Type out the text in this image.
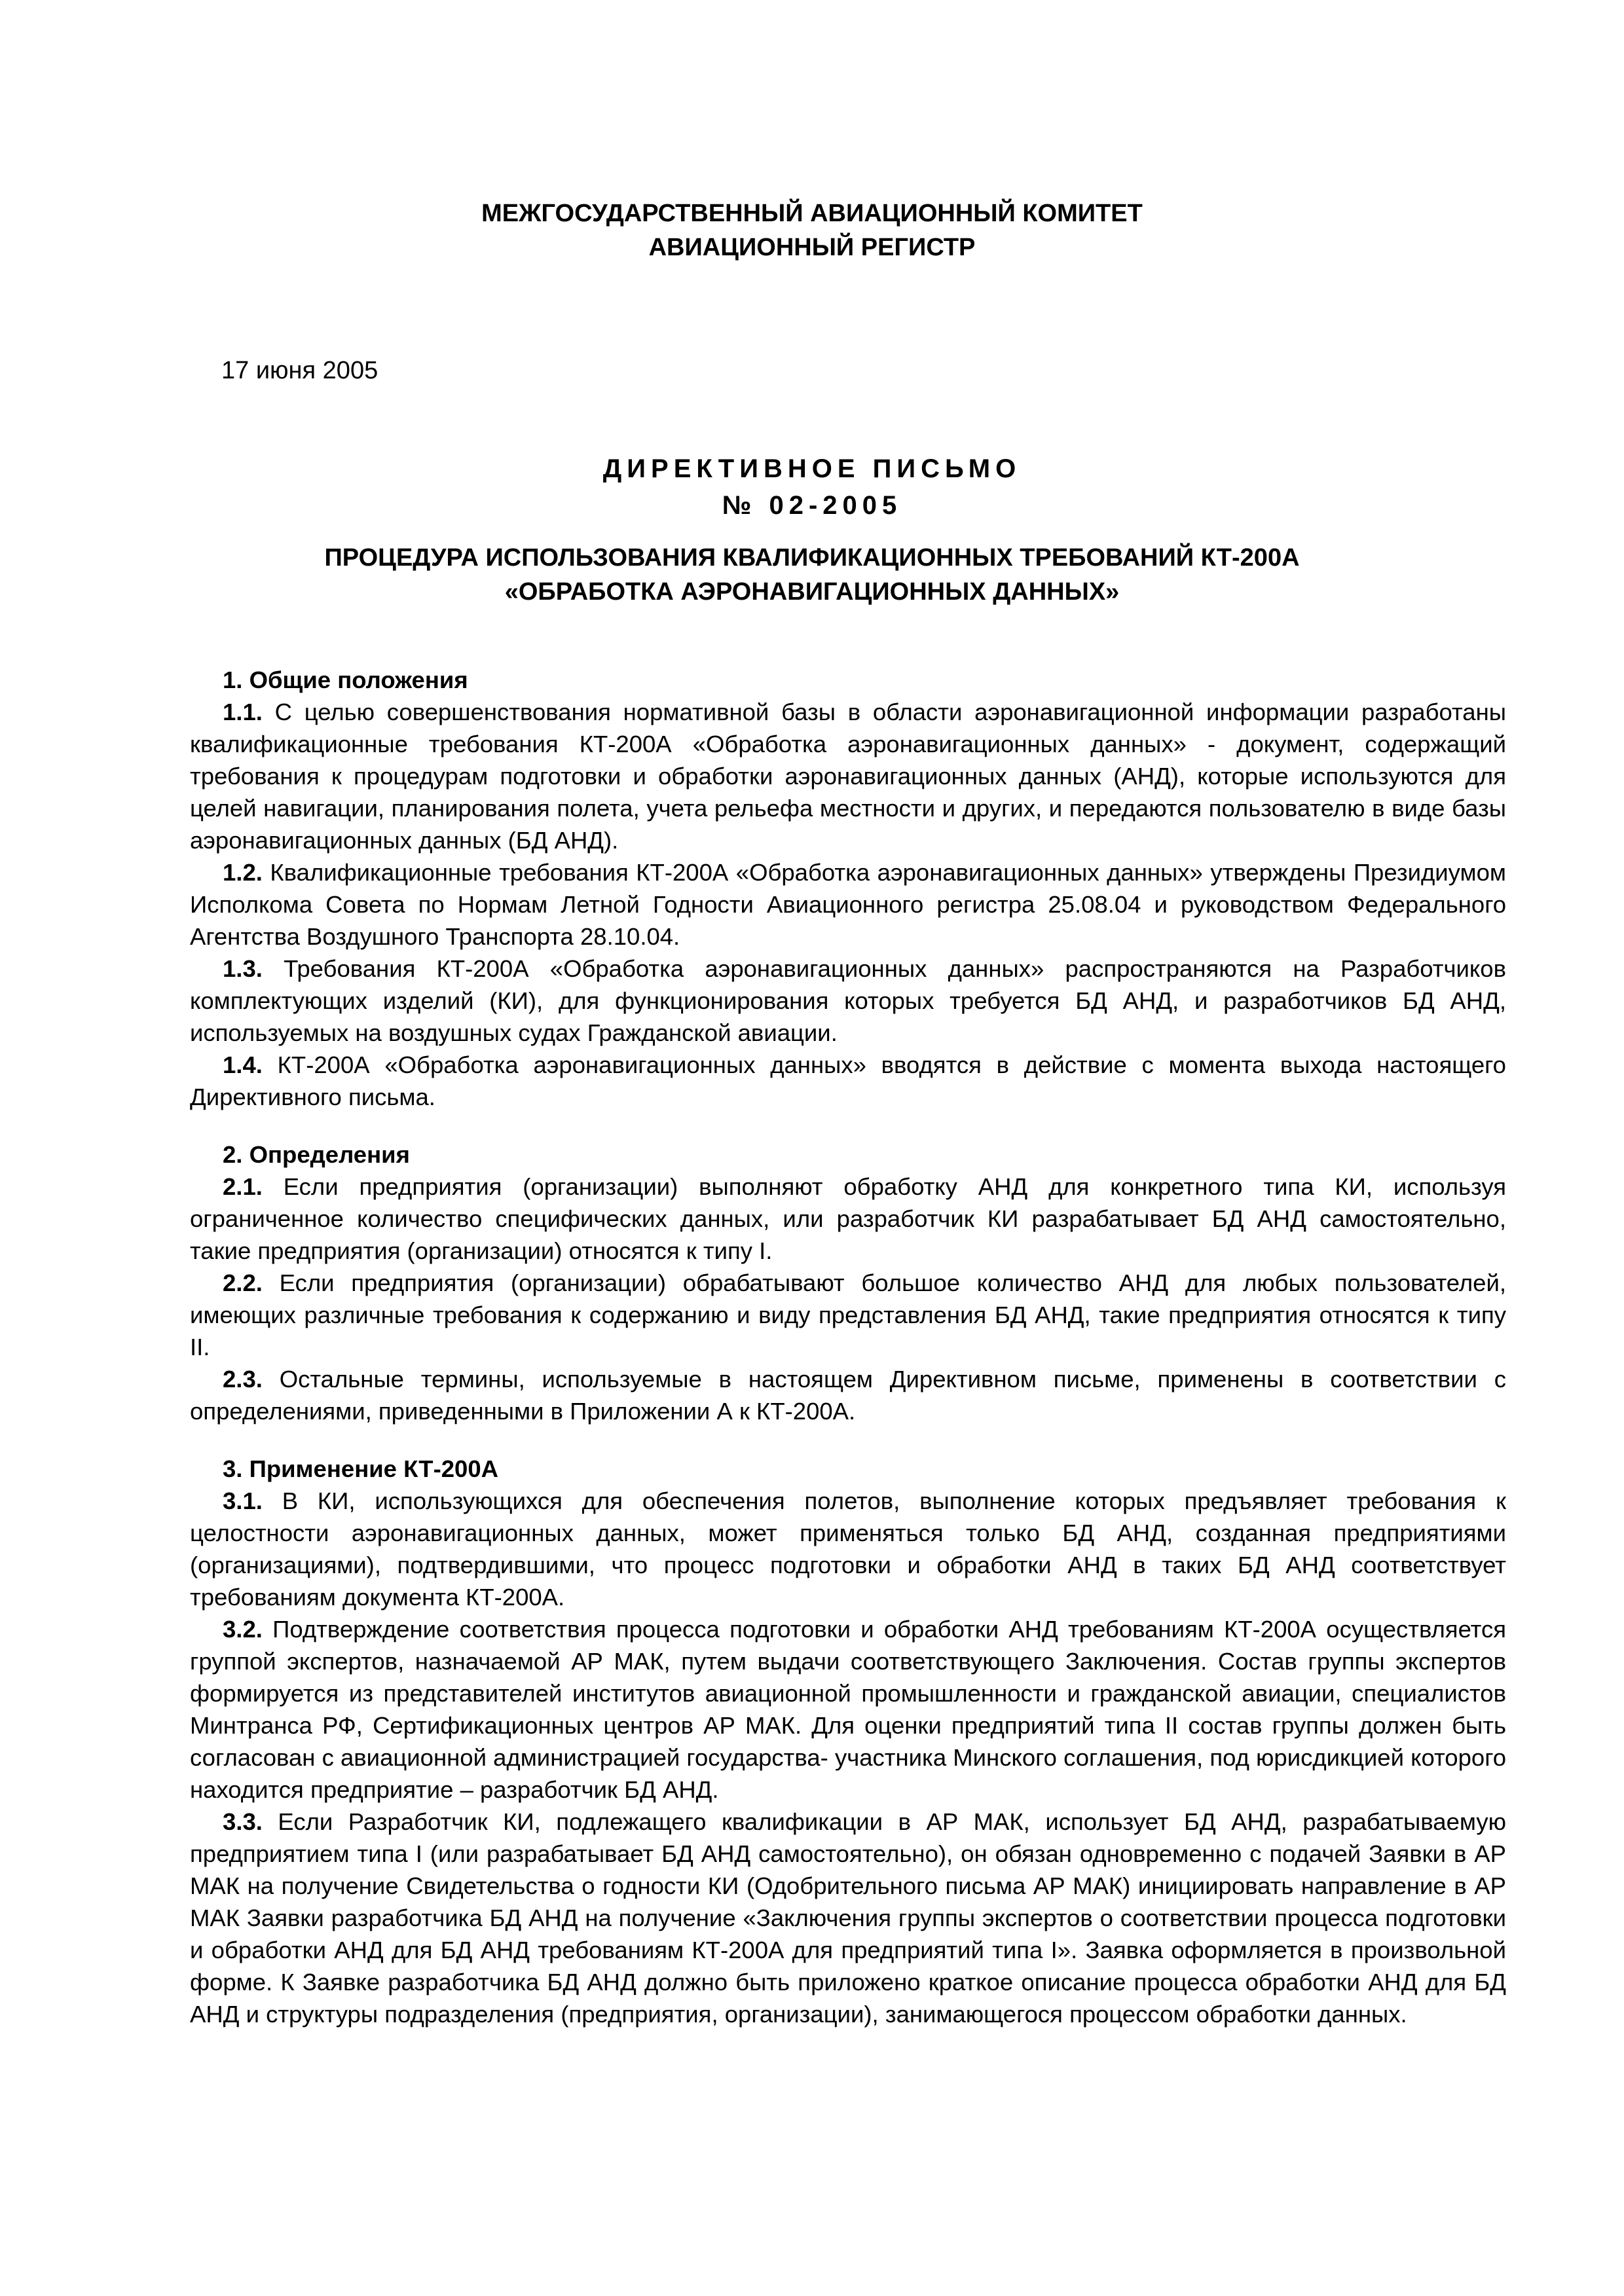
МЕЖГОСУДАРСТВЕННЫЙ АВИАЦИОННЫЙ КОМИТЕТ
АВИАЦИОННЫЙ РЕГИСТР
17 июня 2005
ДИРЕКТИВНОЕ ПИСЬМО
№ 02-2005
ПРОЦЕДУРА ИСПОЛЬЗОВАНИЯ КВАЛИФИКАЦИОННЫХ ТРЕБОВАНИЙ КТ-200А
«ОБРАБОТКА АЭРОНАВИГАЦИОННЫХ ДАННЫХ»
1. Общие положения

1.1. С целью совершенствования нормативной базы в области аэронавигационной информации разработаны квалификационные требования КТ-200А «Обработка аэронавигационных данных» - документ, содержащий требования к процедурам подготовки и обработки аэронавигационных данных (АНД), которые используются для целей навигации, планирования полета, учета рельефа местности и других, и передаются пользователю в виде базы аэронавигационных данных (БД АНД).

1.2. Квалификационные требования КТ-200А «Обработка аэронавигационных данных» утверждены Президиумом Исполкома Совета по Нормам Летной Годности Авиационного регистра 25.08.04 и руководством Федерального Агентства Воздушного Транспорта 28.10.04.

1.3. Требования КТ-200А «Обработка аэронавигационных данных» распространяются на Разработчиков комплектующих изделий (КИ), для функционирования которых требуется БД АНД, и разработчиков БД АНД, используемых на воздушных судах Гражданской авиации.

1.4. КТ-200А «Обработка аэронавигационных данных» вводятся в действие с момента выхода настоящего Директивного письма.

2. Определения

2.1. Если предприятия (организации) выполняют обработку АНД для конкретного типа КИ, используя ограниченное количество специфических данных, или разработчик КИ разрабатывает БД АНД самостоятельно, такие предприятия (организации) относятся к типу I.

2.2. Если предприятия (организации) обрабатывают большое количество АНД для любых пользователей, имеющих различные требования к содержанию и виду представления БД АНД, такие предприятия относятся к типу II.

2.3. Остальные термины, используемые в настоящем Директивном письме, применены в соответствии с определениями, приведенными в Приложении А к КТ-200А.

3. Применение КТ-200А

3.1. В КИ, использующихся для обеспечения полетов, выполнение которых предъявляет требования к целостности аэронавигационных данных, может применяться только БД АНД, созданная предприятиями (организациями), подтвердившими, что процесс подготовки и обработки АНД в таких БД АНД соответствует требованиям документа КТ-200А.

3.2. Подтверждение соответствия процесса подготовки и обработки АНД требованиям КТ-200А осуществляется группой экспертов, назначаемой АР МАК, путем выдачи соответствующего Заключения. Состав группы экспертов формируется из представителей институтов авиационной промышленности и гражданской авиации, специалистов Минтранса РФ, Сертификационных центров АР МАК. Для оценки предприятий типа II состав группы должен быть согласован с авиационной администрацией государства- участника Минского соглашения, под юрисдикцией которого находится предприятие – разработчик БД АНД.

3.3. Если Разработчик КИ, подлежащего квалификации в АР МАК, использует БД АНД, разрабатываемую предприятием типа I (или разрабатывает БД АНД самостоятельно), он обязан одновременно с подачей Заявки в АР МАК на получение Свидетельства о годности КИ (Одобрительного письма АР МАК) инициировать направление в АР МАК Заявки разработчика БД АНД на получение «Заключения группы экспертов о соответствии процесса подготовки и обработки АНД для БД АНД требованиям КТ-200А для предприятий типа I». Заявка оформляется в произвольной форме. К Заявке разработчика БД АНД должно быть приложено краткое описание процесса обработки АНД для БД АНД и структуры подразделения (предприятия, организации), занимающегося процессом обработки данных.
